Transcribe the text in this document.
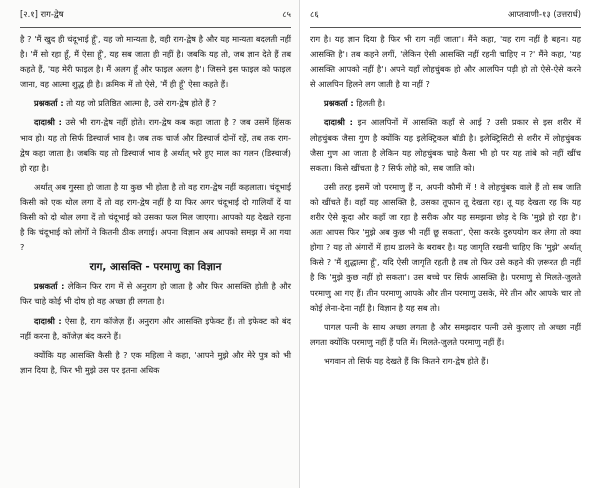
[२.१] राग-द्वेष	८५

है ? 'मैं खुद ही चंदूभाई हूँ', यह जो मान्यता है, वही राग-द्वेष है और यह मान्यता बदलती नहीं है। 'मैं सो रहा हूँ, मैं ऐसा हूँ', यह सब जाता ही नहीं है। जबकि यह तो, जब ज्ञान देते हैं तब कहते हैं, 'यह मेरी फाइल है। मैं अलग हूँ और फाइल अलग है'। जिसने इस फाइल को फाइल जाना, वह आत्मा शुद्ध ही है। क्रमिक में तो ऐसे, 'मैं ही हूँ' ऐसा कहते हैं।

प्रश्नकर्ता : तो यह जो प्रतिष्ठित आत्मा है, उसे राग-द्वेष होते हैं ?

दादाश्री : उसे भी राग-द्वेष नहीं होते। राग-द्वेष कब कहा जाता है ? जब उसमें हिंसक भाव हो। यह तो सिर्फ डिस्चार्ज भाव है। जब तक चार्ज और डिस्चार्ज दोनों रहें, तब तक राग-द्वेष कहा जाता है। जबकि यह तो डिस्चार्ज भाव है अर्थात् भरे हुए माल का गलन (डिस्चार्ज) हो रहा है।

अर्थात् अब गुस्सा हो जाता है या कुछ भी होता है तो वह राग-द्वेष नहीं कहलाता। चंदूभाई किसी को एक थोल लगा दें तो वह राग-द्वेष नहीं है या फिर अगर चंदूभाई दो गालियाँ दें या किसी को दो थोल लगा दें तो चंदूभाई को उसका फल मिल जाएगा। आपको यह देखते रहना है कि चंदूभाई को लोगों ने कितनी ठीक लगाई। अपना विज्ञान अब आपको समझ में आ गया ?

राग, आसक्ति - परमाणु का विज्ञान

प्रश्नकर्ता : लेकिन फिर राग में से अनुराग हो जाता है और फिर आसक्ति होती है और फिर चाहे कोई भी दोष हो वह अच्छा ही लगता है।

दादाश्री : ऐसा है, राग कॉजेज़ हैं। अनुराग और आसक्ति इफेक्ट हैं। तो इफेक्ट को बंद नहीं करना है, कॉजेज़ बंद करने हैं।

क्योंकि यह आसक्ति कैसी है ? एक महिला ने कहा, 'आपने मुझे और मेरे पुत्र को भी ज्ञान दिया है, फिर भी मुझे उस पर इतना अधिक

८६	आप्तवाणी-१३ (उत्तरार्ध)

राग है। यह ज्ञान दिया है फिर भी राग नहीं जाता'। मैंने कहा, 'यह राग नहीं है बहन। यह आसक्ति है'। तब कहने लगीं, 'लेकिन ऐसी आसक्ति नहीं रहनी चाहिए न ?' मैंने कहा, 'यह आसक्ति आपको नहीं है'। अपने यहाँ लोहचुंबक हो और आलपिन पड़ी हो तो ऐसे-ऐसे करने से आलपिन हिलने लग जाती है या नहीं ?

प्रश्नकर्ता : हिलती है।

दादाश्री : इन आलपिनों में आसक्ति कहाँ से आई ? उसी प्रकार से इस शरीर में लोहचुंबक जैसा गुण है क्योंकि यह इलेक्ट्रिकल बॉडी है। इलेक्ट्रिसिटी से शरीर में लोहचुंबक जैसा गुण आ जाता है लेकिन यह लोहचुंबक चाहे कैसा भी हो पर यह तांबे को नहीं खींच सकता। किसे खींचता है ? सिर्फ लोहे को, सब जाति को।

उसी तरह इसमें जो परमाणु हैं न, अपनी कौमी में ! वे लोहचुंबक वाले हैं तो सब जाति को खींचते हैं। वहाँ यह आसक्ति है, उसका तूफान तू देखता रह। तू यह देखता रह कि यह शरीर ऐसे कूदा और कहाँ जा रहा है सरीक और यह समझना छोड़ दे कि 'मुझे हो रहा है'। अतः आपस फिर 'मुझे अब कुछ भी नहीं छू सकता', ऐसा करके दुरुपयोग कर लेगा तो क्या होगा ? यह तो अंगारों में हाथ डालने के बराबर है। यह जागृति रखनी चाहिए कि 'मुझे' अर्थात् किसे ? 'मैं शुद्धात्मा हूँ', यदि ऐसी जागृति रहती है तब तो फिर उसे कहने की ज़रूरत ही नहीं है कि 'मुझे कुछ नहीं हो सकता'। उस बच्चे पर सिर्फ आसक्ति है। परमाणु से मिलते-जुलते परमाणु आ गए हैं। तीन परमाणु आपके और तीन परमाणु उसके, मेरे तीन और आपके चार तो कोई लेना-देना नहीं है। विज्ञान है यह सब तो।

पागल पत्नी के साथ अच्छा लगता है और समझदार पत्नी उसे कुलाए तो अच्छा नहीं लगता क्योंकि परमाणु नहीं हैं पति में। मिलते-जुलते परमाणु नहीं हैं।

भगवान तो सिर्फ यह देखते हैं कि कितने राग-द्वेष होते हैं।
